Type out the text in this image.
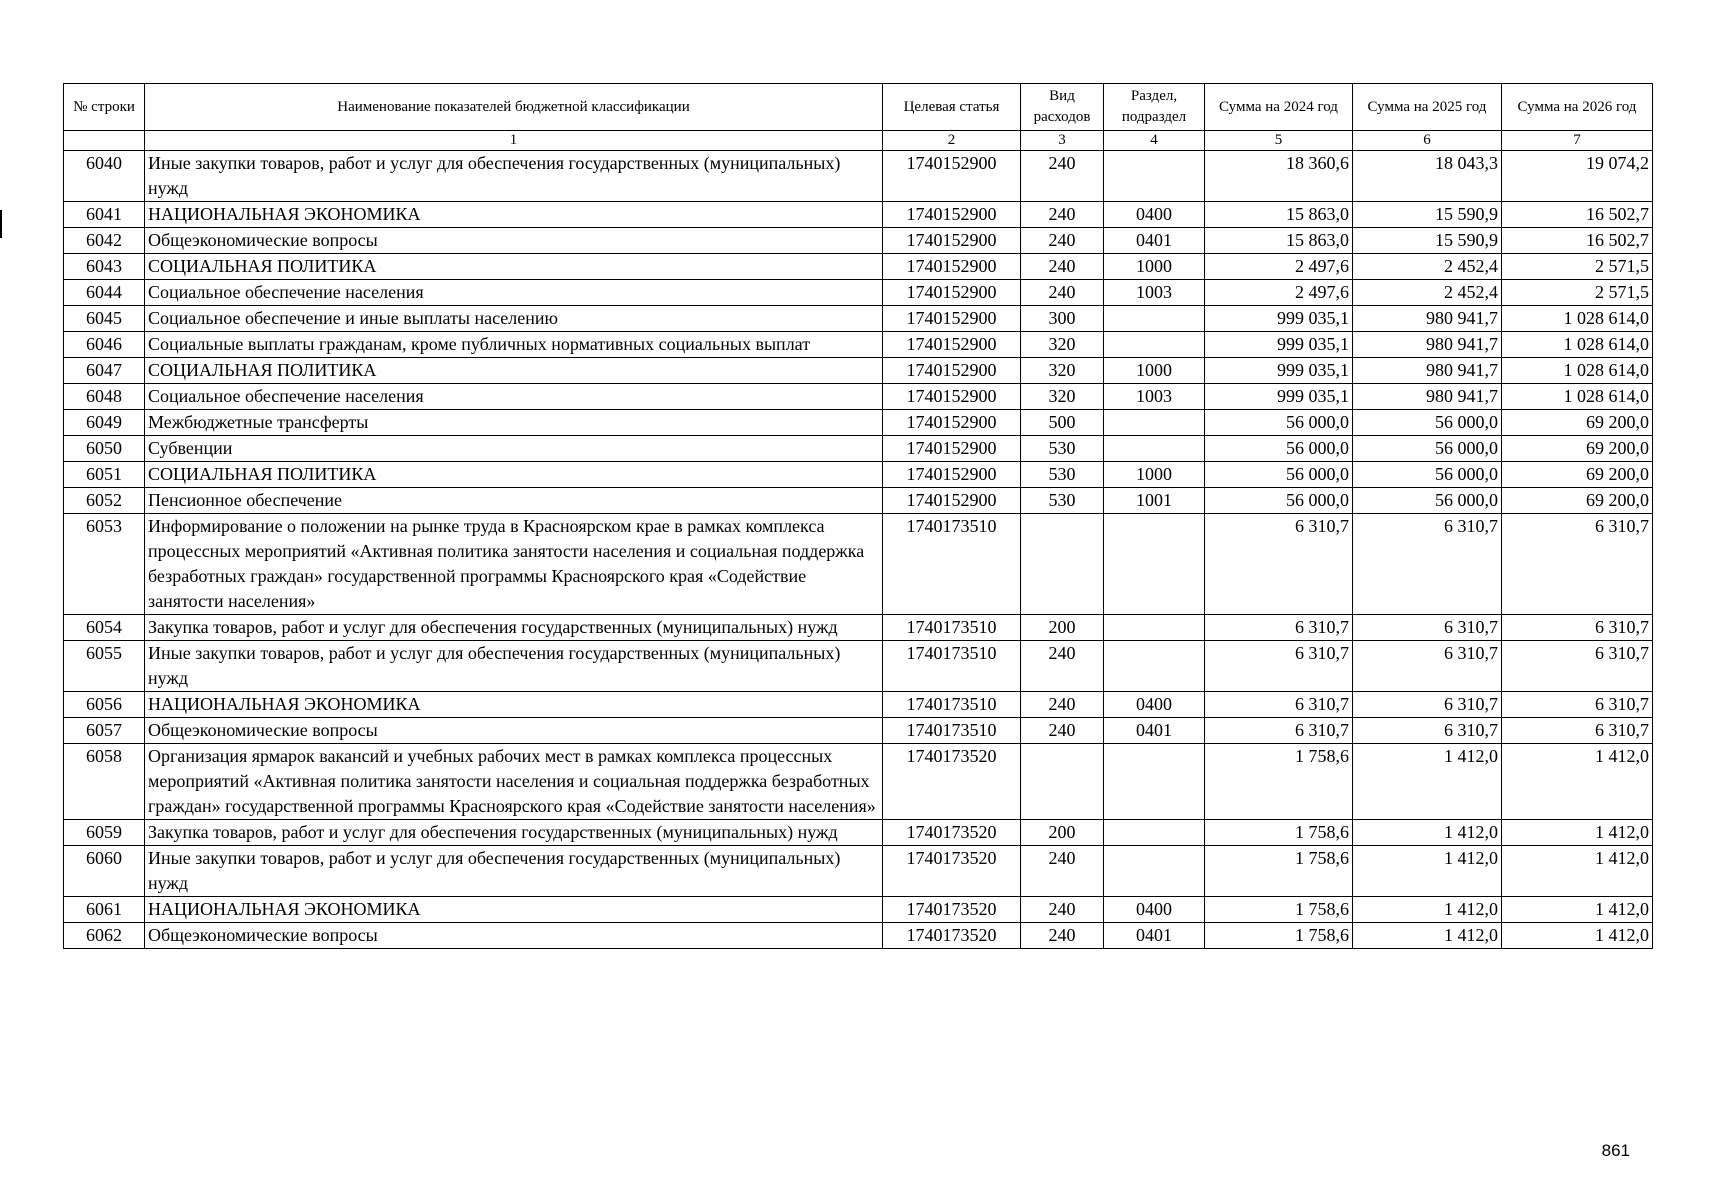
№ строки	Наименование показателей бюджетной классификации	Целевая статья	Вид расходов	Раздел, подраздел	Сумма на 2024 год	Сумма на 2025 год	Сумма на 2026 год
	1	2	3	4	5	6	7
6040	Иные закупки товаров, работ и услуг для обеспечения государственных (муниципальных) нужд	1740152900	240		18 360,6	18 043,3	19 074,2
6041	НАЦИОНАЛЬНАЯ ЭКОНОМИКА	1740152900	240	0400	15 863,0	15 590,9	16 502,7
6042	Общеэкономические вопросы	1740152900	240	0401	15 863,0	15 590,9	16 502,7
6043	СОЦИАЛЬНАЯ ПОЛИТИКА	1740152900	240	1000	2 497,6	2 452,4	2 571,5
6044	Социальное обеспечение населения	1740152900	240	1003	2 497,6	2 452,4	2 571,5
6045	Социальное обеспечение и иные выплаты населению	1740152900	300		999 035,1	980 941,7	1 028 614,0
6046	Социальные выплаты гражданам, кроме публичных нормативных социальных выплат	1740152900	320		999 035,1	980 941,7	1 028 614,0
6047	СОЦИАЛЬНАЯ ПОЛИТИКА	1740152900	320	1000	999 035,1	980 941,7	1 028 614,0
6048	Социальное обеспечение населения	1740152900	320	1003	999 035,1	980 941,7	1 028 614,0
6049	Межбюджетные трансферты	1740152900	500		56 000,0	56 000,0	69 200,0
6050	Субвенции	1740152900	530		56 000,0	56 000,0	69 200,0
6051	СОЦИАЛЬНАЯ ПОЛИТИКА	1740152900	530	1000	56 000,0	56 000,0	69 200,0
6052	Пенсионное обеспечение	1740152900	530	1001	56 000,0	56 000,0	69 200,0
6053	Информирование о положении на рынке труда в Красноярском крае в рамках комплекса процессных мероприятий «Активная политика занятости населения и социальная поддержка безработных граждан» государственной программы Красноярского края «Содействие занятости населения»	1740173510			6 310,7	6 310,7	6 310,7
6054	Закупка товаров, работ и услуг для обеспечения государственных (муниципальных) нужд	1740173510	200		6 310,7	6 310,7	6 310,7
6055	Иные закупки товаров, работ и услуг для обеспечения государственных (муниципальных) нужд	1740173510	240		6 310,7	6 310,7	6 310,7
6056	НАЦИОНАЛЬНАЯ ЭКОНОМИКА	1740173510	240	0400	6 310,7	6 310,7	6 310,7
6057	Общеэкономические вопросы	1740173510	240	0401	6 310,7	6 310,7	6 310,7
6058	Организация ярмарок вакансий и учебных рабочих мест в рамках комплекса процессных мероприятий «Активная политика занятости населения и социальная поддержка безработных граждан» государственной программы Красноярского края «Содействие занятости населения»	1740173520			1 758,6	1 412,0	1 412,0
6059	Закупка товаров, работ и услуг для обеспечения государственных (муниципальных) нужд	1740173520	200		1 758,6	1 412,0	1 412,0
6060	Иные закупки товаров, работ и услуг для обеспечения государственных (муниципальных) нужд	1740173520	240		1 758,6	1 412,0	1 412,0
6061	НАЦИОНАЛЬНАЯ ЭКОНОМИКА	1740173520	240	0400	1 758,6	1 412,0	1 412,0
6062	Общеэкономические вопросы	1740173520	240	0401	1 758,6	1 412,0	1 412,0
861
